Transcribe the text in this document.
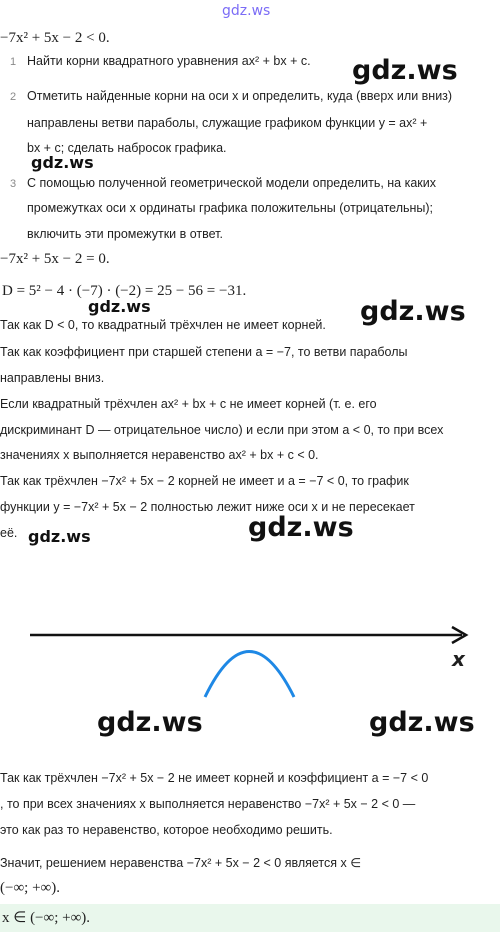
gdz.ws
−7x² + 5x − 2 < 0.
1 Найти корни квадратного уравнения ax² + bx + c.
2 Отметить найденные корни на оси x и определить, куда (вверх или вниз)
направлены ветви параболы, служащие графиком функции y = ax² +
bx + c; сделать набросок графика.
3 С помощью полученной геометрической модели определить, на каких
промежутках оси x ординаты графика положительны (отрицательны);
включить эти промежутки в ответ.
−7x² + 5x − 2 = 0.
D = 5² − 4 · (−7) · (−2) = 25 − 56 = −31.
Так как D < 0, то квадратный трёхчлен не имеет корней.
Так как коэффициент при старшей степени a = −7, то ветви параболы
направлены вниз.
Если квадратный трёхчлен ax² + bx + c не имеет корней (т. е. его
дискриминант D — отрицательное число) и если при этом a < 0, то при всех
значениях x выполняется неравенство ax² + bx + c < 0.
Так как трёхчлен −7x² + 5x − 2 корней не имеет и a = −7 < 0, то график
функции y = −7x² + 5x − 2 полностью лежит ниже оси x и не пересекает
её.
gdz.ws
gdz.ws
gdz.ws	gdz.ws
gdz.ws
gdz.ws
gdz.ws	gdz.ws
x
Так как трёхчлен −7x² + 5x − 2 не имеет корней и коэффициент a = −7 < 0
, то при всех значениях x выполняется неравенство −7x² + 5x − 2 < 0 —
это как раз то неравенство, которое необходимо решить.
Значит, решением неравенства −7x² + 5x − 2 < 0 является x ∈
(−∞; +∞).
x ∈ (−∞; +∞).
